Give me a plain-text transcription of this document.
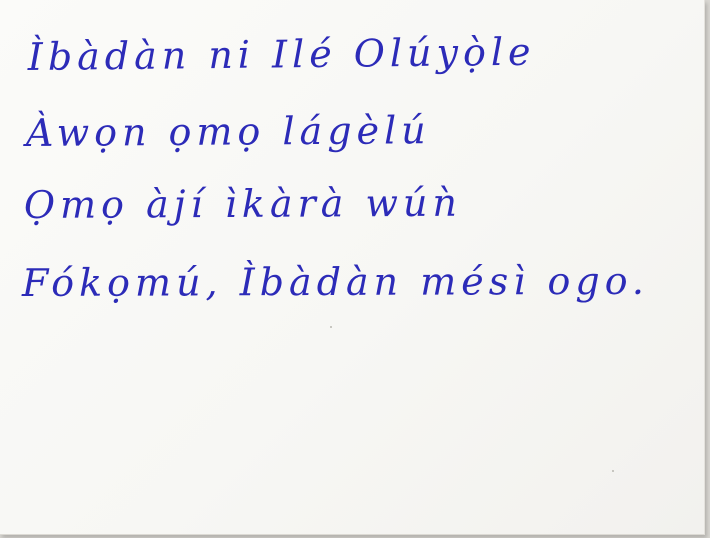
Ìbàdàn ni Ilé Olúyọ̀le

Àwọn ọmọ lágèlú

Ọmọ àjí ìkàrà wúǹ

Fókọmú, Ìbàdàn mésì ogo.
